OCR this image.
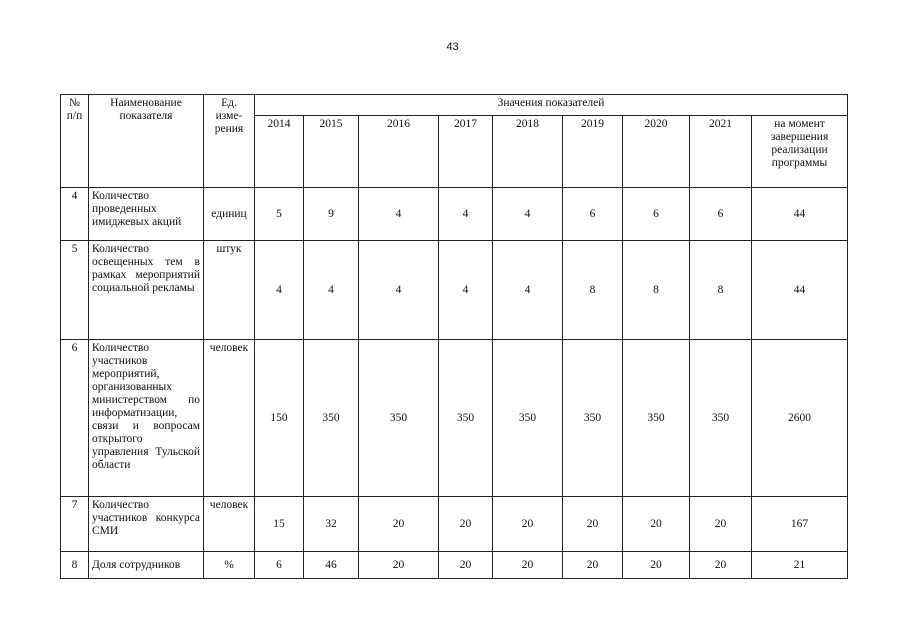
43
№ п/п	Наименование показателя	Ед. изме-рения	Значения показателей								
			2014	2015	2016	2017	2018	2019	2020	2021	на момент завершения реализации программы
4	Количество проведенных имиджевых акций	единиц	5	9	4	4	4	6	6	6	44
5	Количество освещенных тем в рамках мероприятий социальной рекламы	штук	4	4	4	4	4	8	8	8	44
6	Количество участников мероприятий, организованных министерством по информатизации, связи и вопросам открытого управления Тульской области	человек	150	350	350	350	350	350	350	350	2600
7	Количество участников конкурса СМИ	человек	15	32	20	20	20	20	20	20	167
8	Доля сотрудников	%	6	46	20	20	20	20	20	20	21
